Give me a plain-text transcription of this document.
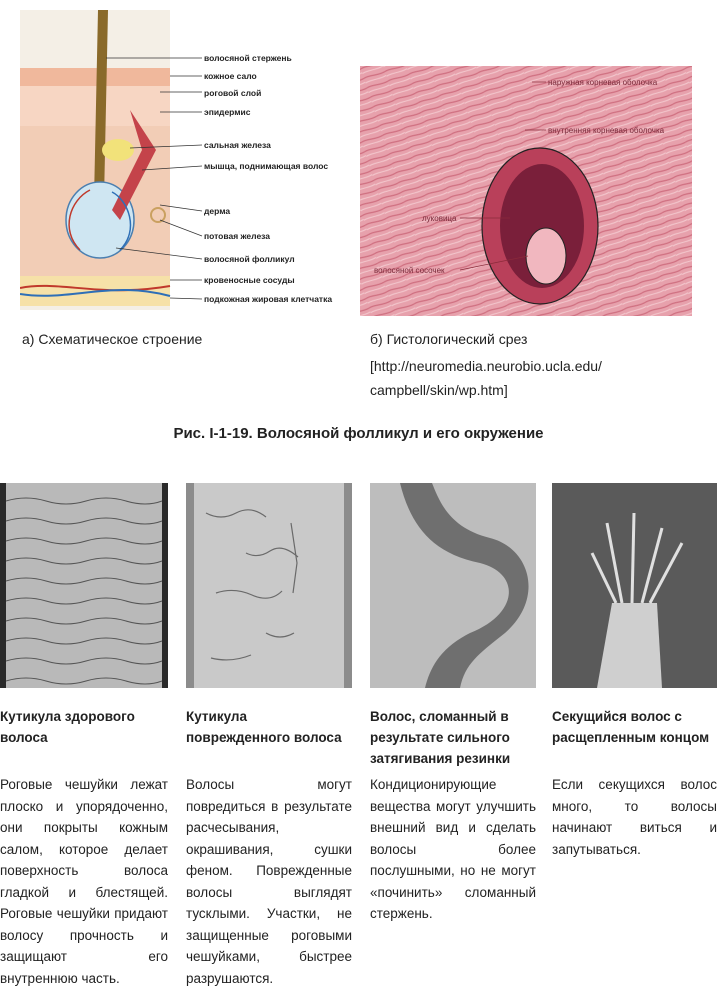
волосяной стержень
кожное сало
роговой слой
эпидермис
сальная железа
мышца, поднимающая волос
дерма
потовая железа
волосяной фолликул
кровеносные сосуды
подкожная жировая клетчатка
а) Схематическое строение
наружная корневая оболочка
внутренняя корневая оболочка
луковица
волосяной сосочек
б) Гистологический срез
[http://neuromedia.neurobio.ucla.edu/
campbell/skin/wp.htm]
Рис. I-1-19. Волосяной фолликул и его окружение
Кутикула здорового волоса
Кутикула поврежденного волоса
Волос, сломанный в результате сильного затягивания резинки
Секущийся волос с расщепленным концом
Роговые чешуйки лежат плоско и упорядоченно, они покрыты кожным салом, которое делает поверхность волоса гладкой и блестящей. Роговые чешуйки придают волосу прочность и защищают его внутреннюю часть.
Волосы могут повредиться в результате расчесывания, окрашивания, сушки феном. Поврежденные волосы выглядят тусклыми. Участки, не защищенные роговыми чешуйками, быстрее разрушаются.
Кондиционирующие вещества могут улучшить внешний вид и сделать волосы более послушными, но не могут «починить» сломанный стержень.
Если секущихся волос много, то волосы начинают виться и запутываться.
